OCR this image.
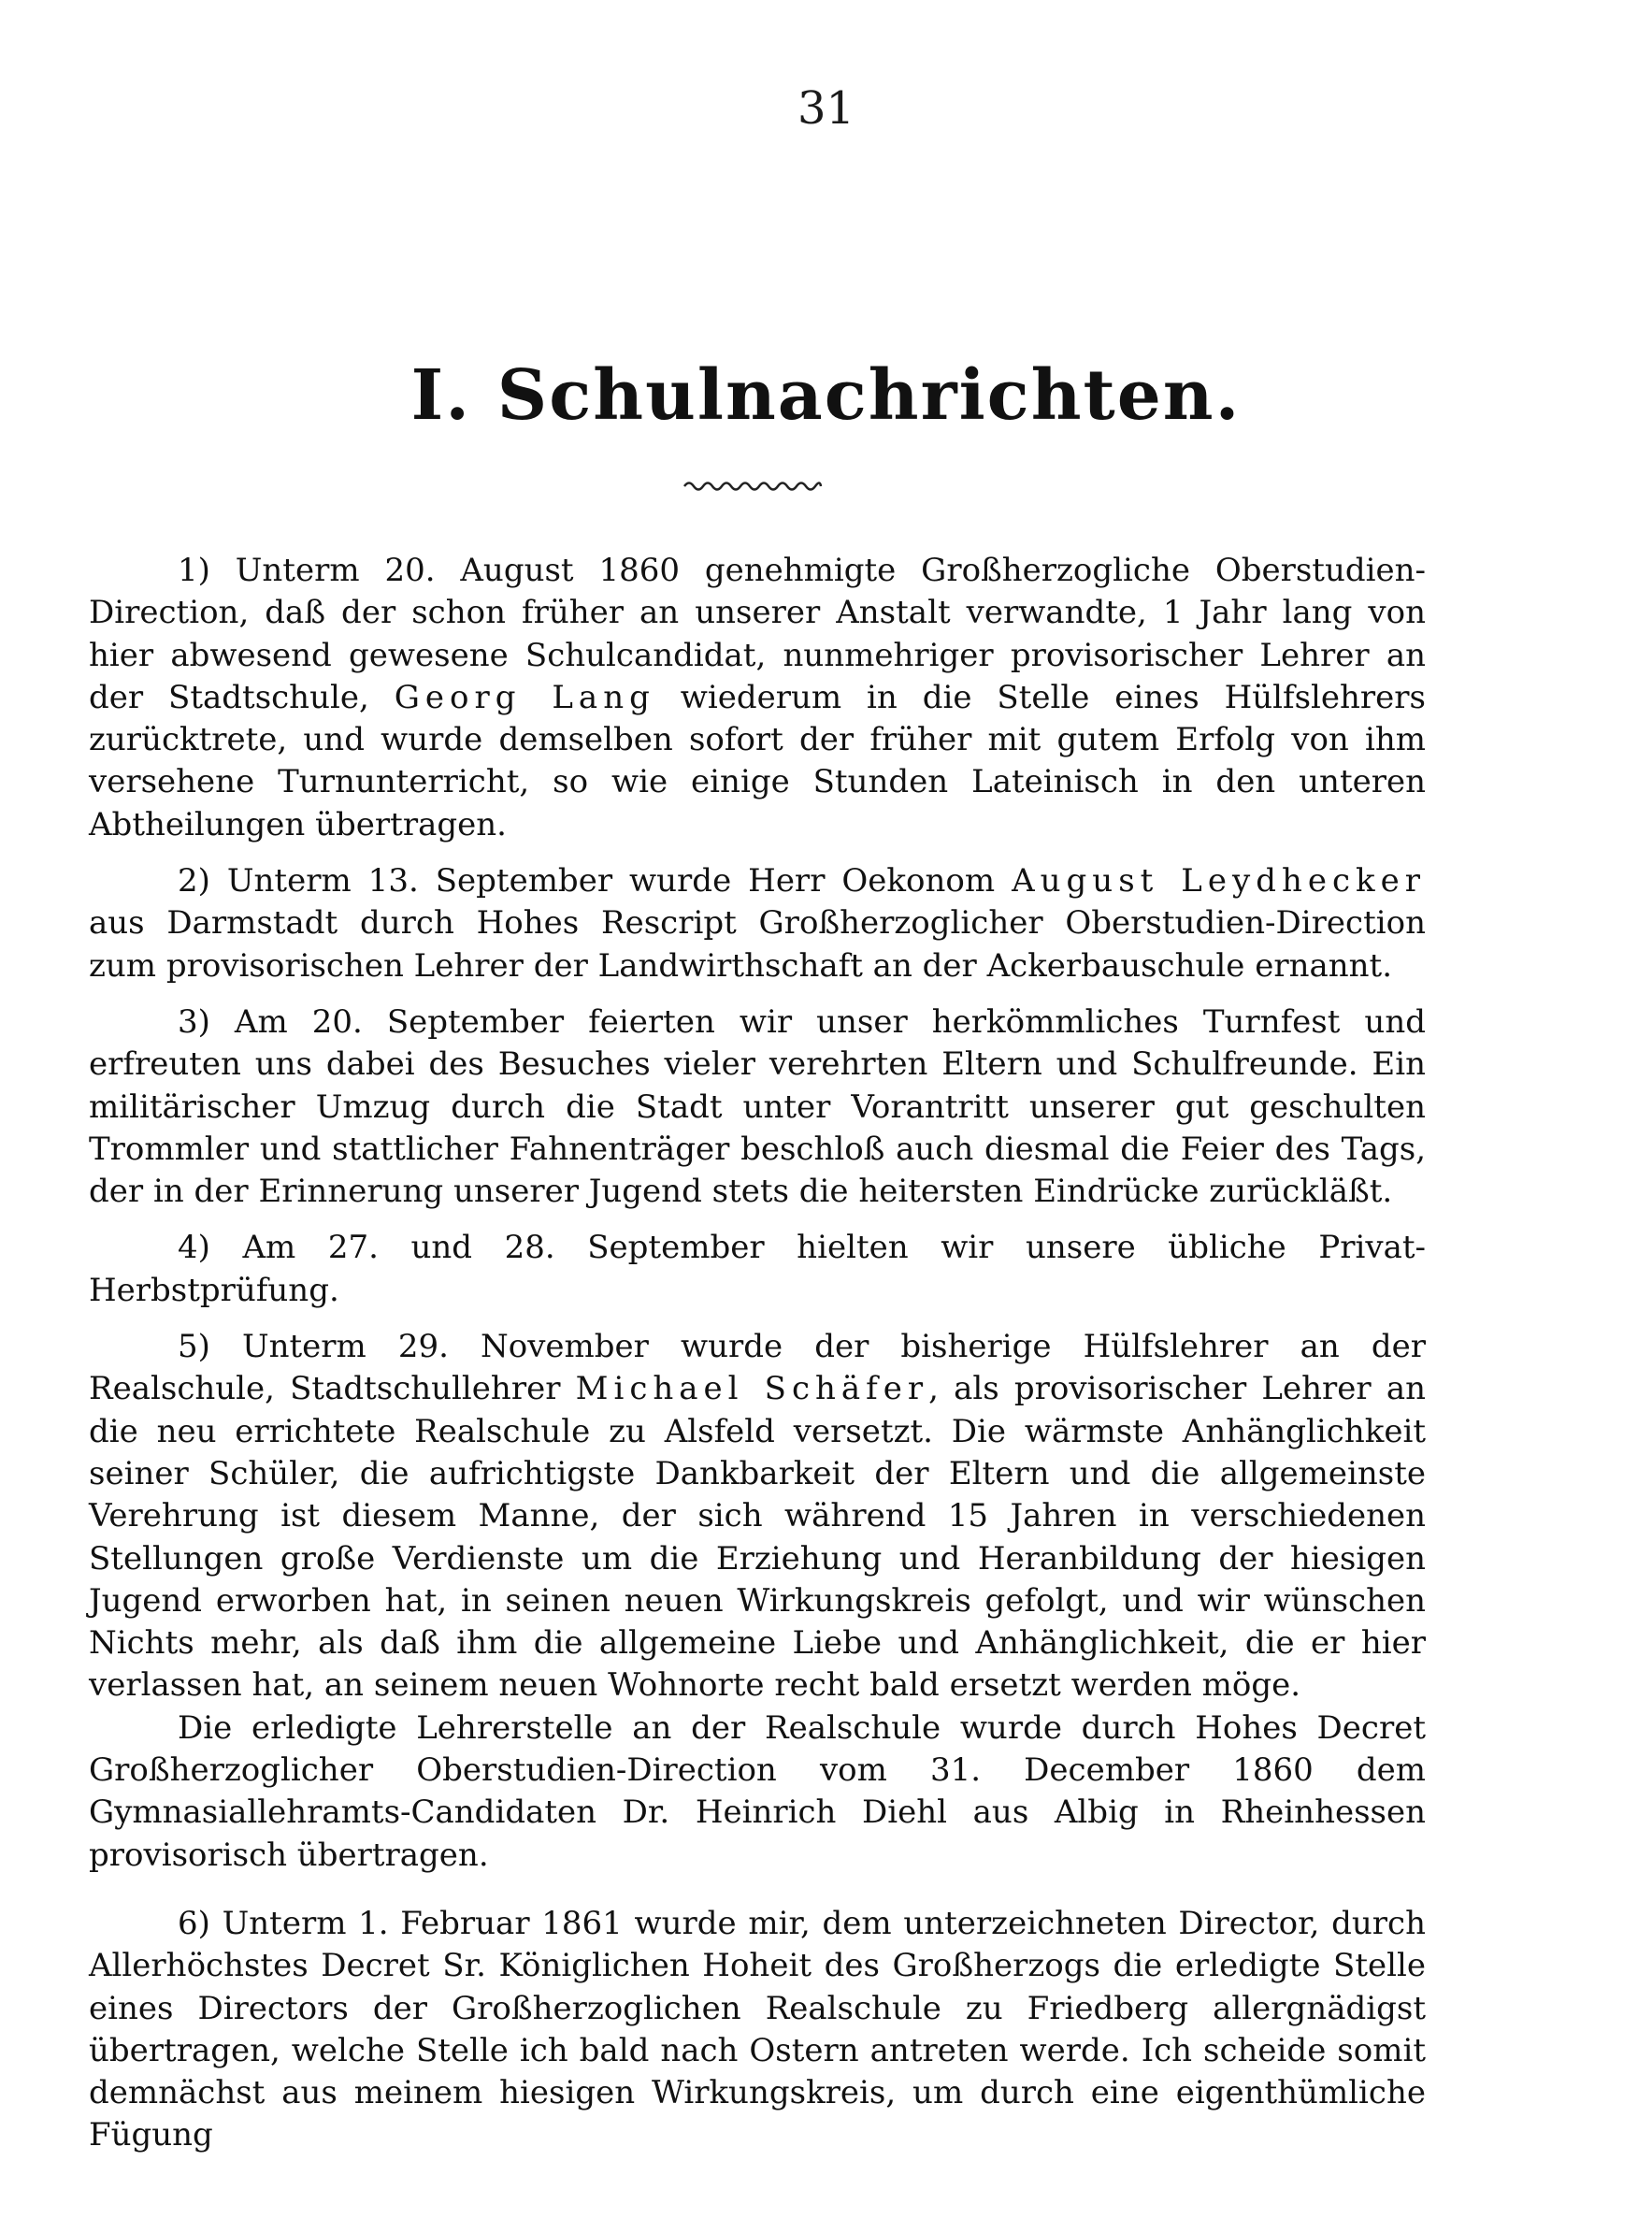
31
I. Schulnachrichten.

1) Unterm 20. August 1860 genehmigte Großherzogliche Oberstudien-Direction, daß der schon früher an unserer Anstalt verwandte, 1 Jahr lang von hier abwesend gewesene Schulcandidat, nunmehriger provisorischer Lehrer an der Stadtschule, Georg Lang wiederum in die Stelle eines Hülfslehrers zurücktrete, und wurde demselben sofort der früher mit gutem Erfolg von ihm versehene Turnunterricht, so wie einige Stunden Lateinisch in den unteren Abtheilungen übertragen.

2) Unterm 13. September wurde Herr Oekonom August Leydhecker aus Darmstadt durch Hohes Rescript Großherzoglicher Oberstudien-Direction zum provisorischen Lehrer der Landwirthschaft an der Ackerbauschule ernannt.

3) Am 20. September feierten wir unser herkömmliches Turnfest und erfreuten uns dabei des Besuches vieler verehrten Eltern und Schulfreunde. Ein militärischer Umzug durch die Stadt unter Vorantritt unserer gut geschulten Trommler und stattlicher Fahnenträger beschloß auch diesmal die Feier des Tags, der in der Erinnerung unserer Jugend stets die heitersten Eindrücke zurückläßt.

4) Am 27. und 28. September hielten wir unsere übliche Privat-Herbstprüfung.

5) Unterm 29. November wurde der bisherige Hülfslehrer an der Realschule, Stadtschullehrer Michael Schäfer, als provisorischer Lehrer an die neu errichtete Realschule zu Alsfeld versetzt. Die wärmste Anhänglichkeit seiner Schüler, die aufrichtigste Dankbarkeit der Eltern und die allgemeinste Verehrung ist diesem Manne, der sich während 15 Jahren in verschiedenen Stellungen große Verdienste um die Erziehung und Heranbildung der hiesigen Jugend erworben hat, in seinen neuen Wirkungskreis gefolgt, und wir wünschen Nichts mehr, als daß ihm die allgemeine Liebe und Anhänglichkeit, die er hier verlassen hat, an seinem neuen Wohnorte recht bald ersetzt werden möge.

Die erledigte Lehrerstelle an der Realschule wurde durch Hohes Decret Großherzoglicher Oberstudien-Direction vom 31. December 1860 dem Gymnasiallehramts-Candidaten Dr. Heinrich Diehl aus Albig in Rheinhessen provisorisch übertragen.

6) Unterm 1. Februar 1861 wurde mir, dem unterzeichneten Director, durch Allerhöchstes Decret Sr. Königlichen Hoheit des Großherzogs die erledigte Stelle eines Directors der Großherzoglichen Realschule zu Friedberg allergnädigst übertragen, welche Stelle ich bald nach Ostern antreten werde. Ich scheide somit demnächst aus meinem hiesigen Wirkungskreis, um durch eine eigenthümliche Fügung
